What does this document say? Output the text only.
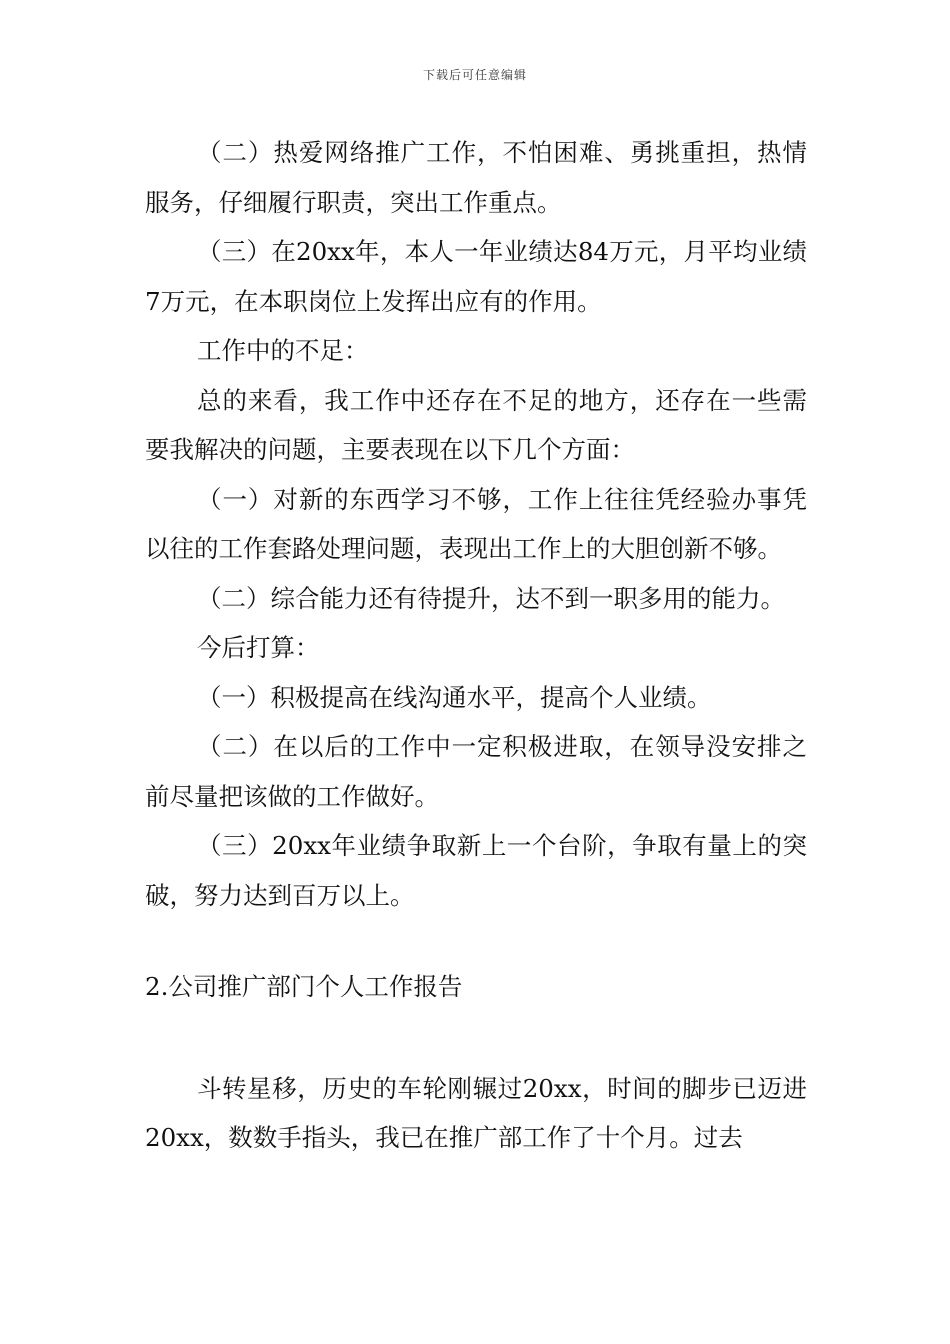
下载后可任意编辑

（二）热爱网络推广工作，不怕困难、勇挑重担，热情服务，仔细履行职责，突出工作重点。

（三）在20xx年，本人一年业绩达84万元，月平均业绩7万元，在本职岗位上发挥出应有的作用。

工作中的不足：

总的来看，我工作中还存在不足的地方，还存在一些需要我解决的问题，主要表现在以下几个方面：

（一）对新的东西学习不够，工作上往往凭经验办事凭以往的工作套路处理问题，表现出工作上的大胆创新不够。

（二）综合能力还有待提升，达不到一职多用的能力。

今后打算：

（一）积极提高在线沟通水平，提高个人业绩。

（二）在以后的工作中一定积极进取，在领导没安排之前尽量把该做的工作做好。

（三）20xx年业绩争取新上一个台阶，争取有量上的突破，努力达到百万以上。

2.公司推广部门个人工作报告

斗转星移，历史的车轮刚辗过20xx，时间的脚步已迈进20xx，数数手指头，我已在推广部工作了十个月。过去
